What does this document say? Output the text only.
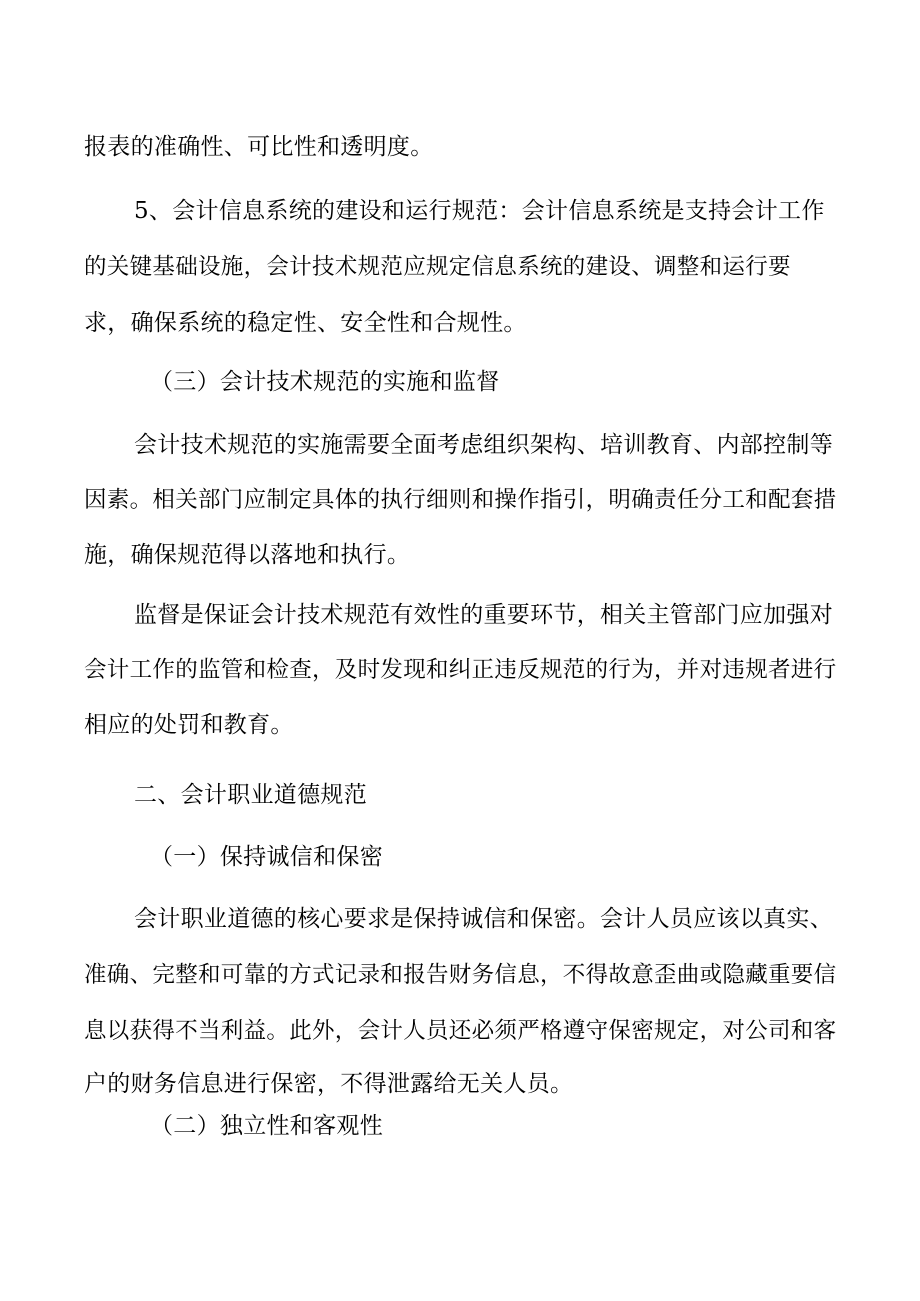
报表的准确性、可比性和透明度。
5、会计信息系统的建设和运行规范：会计信息系统是支持会计工作
的关键基础设施，会计技术规范应规定信息系统的建设、调整和运行要
求，确保系统的稳定性、安全性和合规性。
（三）会计技术规范的实施和监督
会计技术规范的实施需要全面考虑组织架构、培训教育、内部控制等
因素。相关部门应制定具体的执行细则和操作指引，明确责任分工和配套措
施，确保规范得以落地和执行。
监督是保证会计技术规范有效性的重要环节，相关主管部门应加强对
会计工作的监管和检查，及时发现和纠正违反规范的行为，并对违规者进行
相应的处罚和教育。
二、会计职业道德规范
（一）保持诚信和保密
会计职业道德的核心要求是保持诚信和保密。会计人员应该以真实、
准确、完整和可靠的方式记录和报告财务信息，不得故意歪曲或隐藏重要信
息以获得不当利益。此外，会计人员还必须严格遵守保密规定，对公司和客
户的财务信息进行保密，不得泄露给无关人员。
（二）独立性和客观性
